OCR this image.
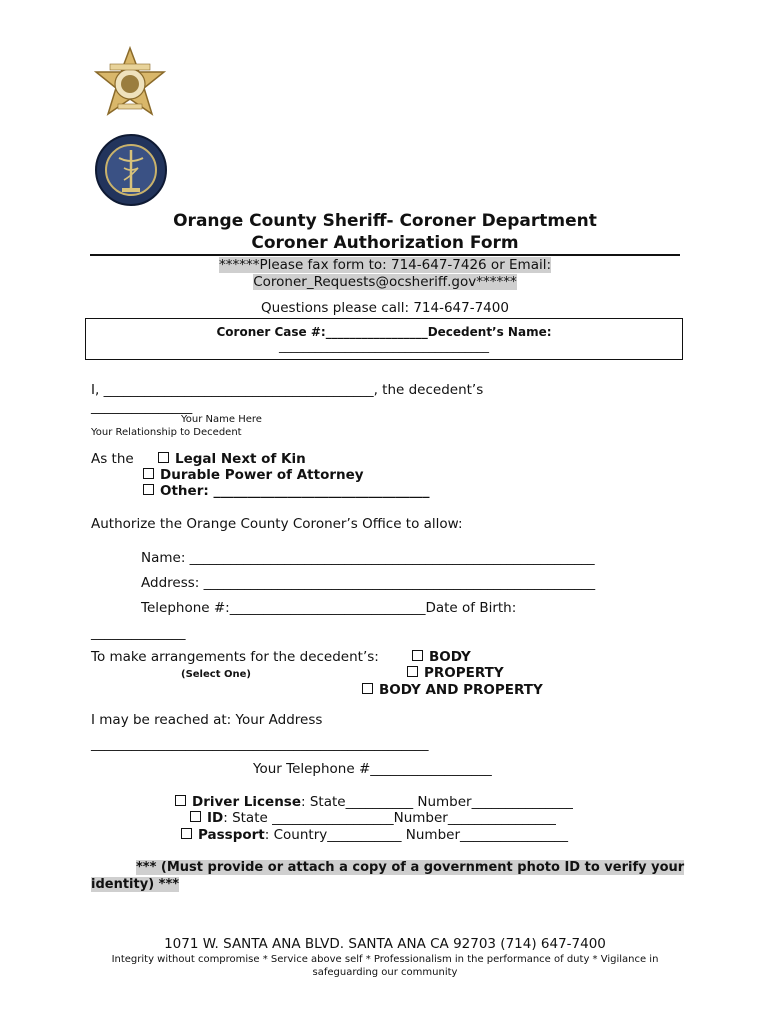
Orange County Sheriff- Coroner Department
Coroner Authorization Form
******Please fax form to: 714-647-7426 or Email:
Coroner_Requests@ocsheriff.gov******
Questions please call: 714-647-7400
Coroner Case #:_________________Decedent’s Name:
___________________________________
I, ________________________________________, the decedent’s
_______________
Your Name Here
Your Relationship to Decedent
As the	Legal Next of Kin
Durable Power of Attorney
Other: ________________________________
Authorize the Orange County Coroner’s Office to allow:
Name: ____________________________________________________________
Address: __________________________________________________________
Telephone #:_____________________________Date of Birth:
______________
To make arrangements for the decedent’s:	BODY
(Select One)	PROPERTY
BODY AND PROPERTY
I may be reached at: Your Address
__________________________________________________
Your Telephone #__________________
Driver License: State__________ Number_______________
ID: State __________________Number________________
Passport: Country___________ Number________________
*** (Must provide or attach a copy of a government photo ID to verify your
identity) ***
1071 W. SANTA ANA BLVD. SANTA ANA CA 92703 (714) 647-7400
Integrity without compromise * Service above self * Professionalism in the performance of duty * Vigilance in safeguarding our community
